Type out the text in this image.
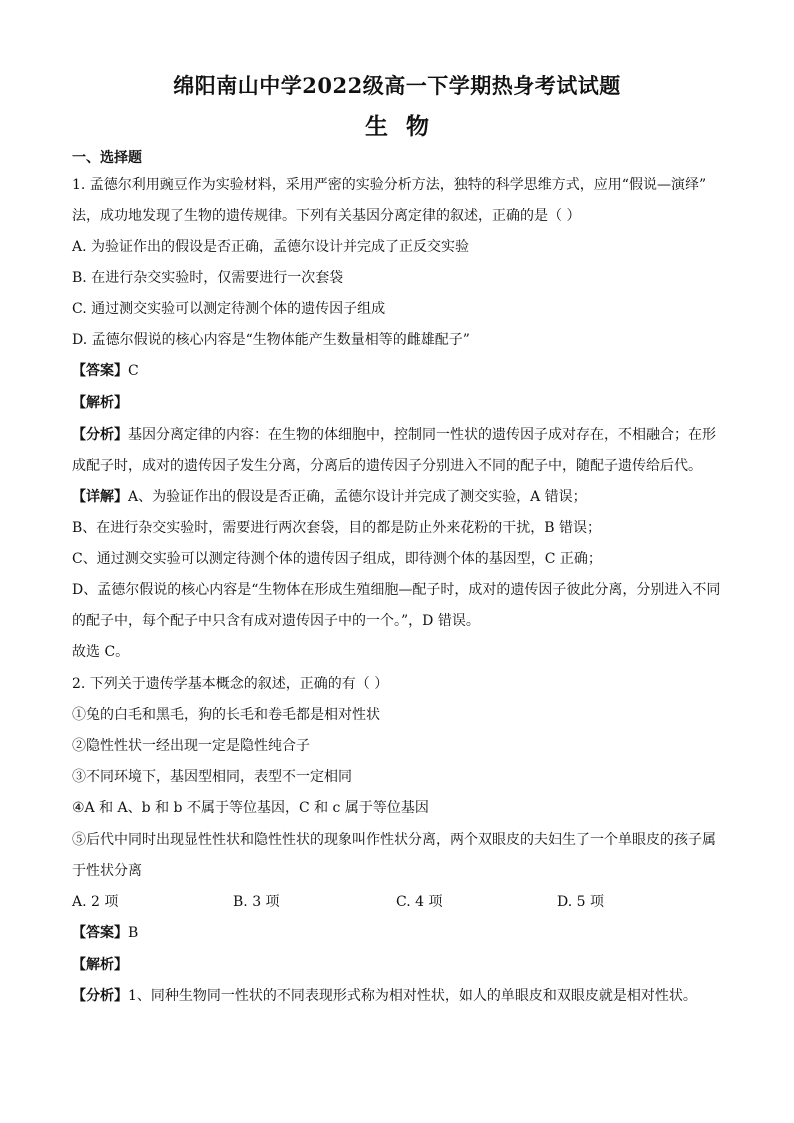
绵阳南山中学2022级高一下学期热身考试试题
生物
一、选择题
1. 孟德尔利用豌豆作为实验材料，采用严密的实验分析方法，独特的科学思维方式，应用“假说—演绎”
法，成功地发现了生物的遗传规律。下列有关基因分离定律的叙述，正确的是（ ）
A. 为验证作出的假设是否正确，孟德尔设计并完成了正反交实验
B. 在进行杂交实验时，仅需要进行一次套袋
C. 通过测交实验可以测定待测个体的遗传因子组成
D. 孟德尔假说的核心内容是“生物体能产生数量相等的雌雄配子”
【答案】C
【解析】
【分析】基因分离定律的内容：在生物的体细胞中，控制同一性状的遗传因子成对存在，不相融合；在形
成配子时，成对的遗传因子发生分离，分离后的遗传因子分别进入不同的配子中，随配子遗传给后代。
【详解】A、为验证作出的假设是否正确，孟德尔设计并完成了测交实验，A 错误；
B、在进行杂交实验时，需要进行两次套袋，目的都是防止外来花粉的干扰，B 错误；
C、通过测交实验可以测定待测个体的遗传因子组成，即待测个体的基因型，C 正确；
D、孟德尔假说的核心内容是“生物体在形成生殖细胞—配子时，成对的遗传因子彼此分离，分别进入不同
的配子中，每个配子中只含有成对遗传因子中的一个。”，D 错误。
故选 C。
2. 下列关于遗传学基本概念的叙述，正确的有（ ）
①兔的白毛和黑毛，狗的长毛和卷毛都是相对性状
②隐性性状一经出现一定是隐性纯合子
③不同环境下，基因型相同，表型不一定相同
④A 和 A、b 和 b 不属于等位基因，C 和 c 属于等位基因
⑤后代中同时出现显性性状和隐性性状的现象叫作性状分离，两个双眼皮的夫妇生了一个单眼皮的孩子属
于性状分离
A. 2 项	B. 3 项	C. 4 项	D. 5 项
【答案】B
【解析】
【分析】1、同种生物同一性状的不同表现形式称为相对性状，如人的单眼皮和双眼皮就是相对性状。
